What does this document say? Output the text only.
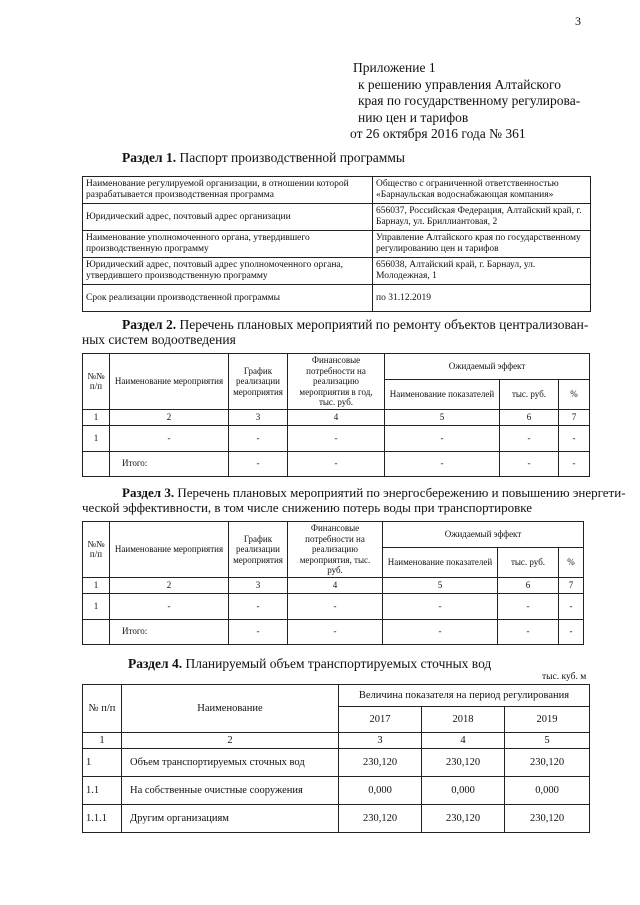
3
Приложение 1
к решению управления Алтайского
края по государственному регулирова-
нию цен и тарифов
от 26 октября 2016 года № 361
Раздел 1. Паспорт производственной программы
Наименование регулируемой организации, в отношении которой разрабатывается производственная программа	Общество с ограниченной ответственностью «Барнаульская водоснабжающая компания»
Юридический адрес, почтовый адрес организации	656037, Российская Федерация, Алтайский край, г. Барнаул, ул. Бриллиантовая, 2
Наименование уполномоченного органа, утвердившего производственную программу	Управление Алтайского края по государственному регулированию цен и тарифов
Юридический адрес, почтовый адрес уполномоченного органа, утвердившего производственную программу	656038, Алтайский край, г. Барнаул, ул. Молодежная, 1
Срок реализации производственной программы	по 31.12.2019
Раздел 2. Перечень плановых мероприятий по ремонту объектов централизован-
ных систем водоотведения
№№ п/п	Наименование мероприятия	График реализации мероприятия	Финансовые потребности на реализацию мероприятия в год, тыс. руб.	Ожидаемый эффект		
				Наименование показателей	тыс. руб.	%
1	2	3	4	5	6	7
1	-	-	-	-	-	-
	Итого:	-	-	-	-	-
Раздел 3. Перечень плановых мероприятий по энергосбережению и повышению энергети-
ческой эффективности, в том числе снижению потерь воды при транспортировке
№№ п/п	Наименование мероприятия	График реализации мероприятия	Финансовые потребности на реализацию мероприятия, тыс. руб.	Ожидаемый эффект		
				Наименование показателей	тыс. руб.	%
1	2	3	4	5	6	7
1	-	-	-	-	-	-
	Итого:	-	-	-	-	-
Раздел 4. Планируемый объем транспортируемых сточных вод
тыс. куб. м
№ п/п	Наименование	Величина показателя на период регулирования		
		2017	2018	2019
1	2	3	4	5
1	Объем транспортируемых сточных вод	230,120	230,120	230,120
1.1	На собственные очистные сооружения	0,000	0,000	0,000
1.1.1	Другим организациям	230,120	230,120	230,120
